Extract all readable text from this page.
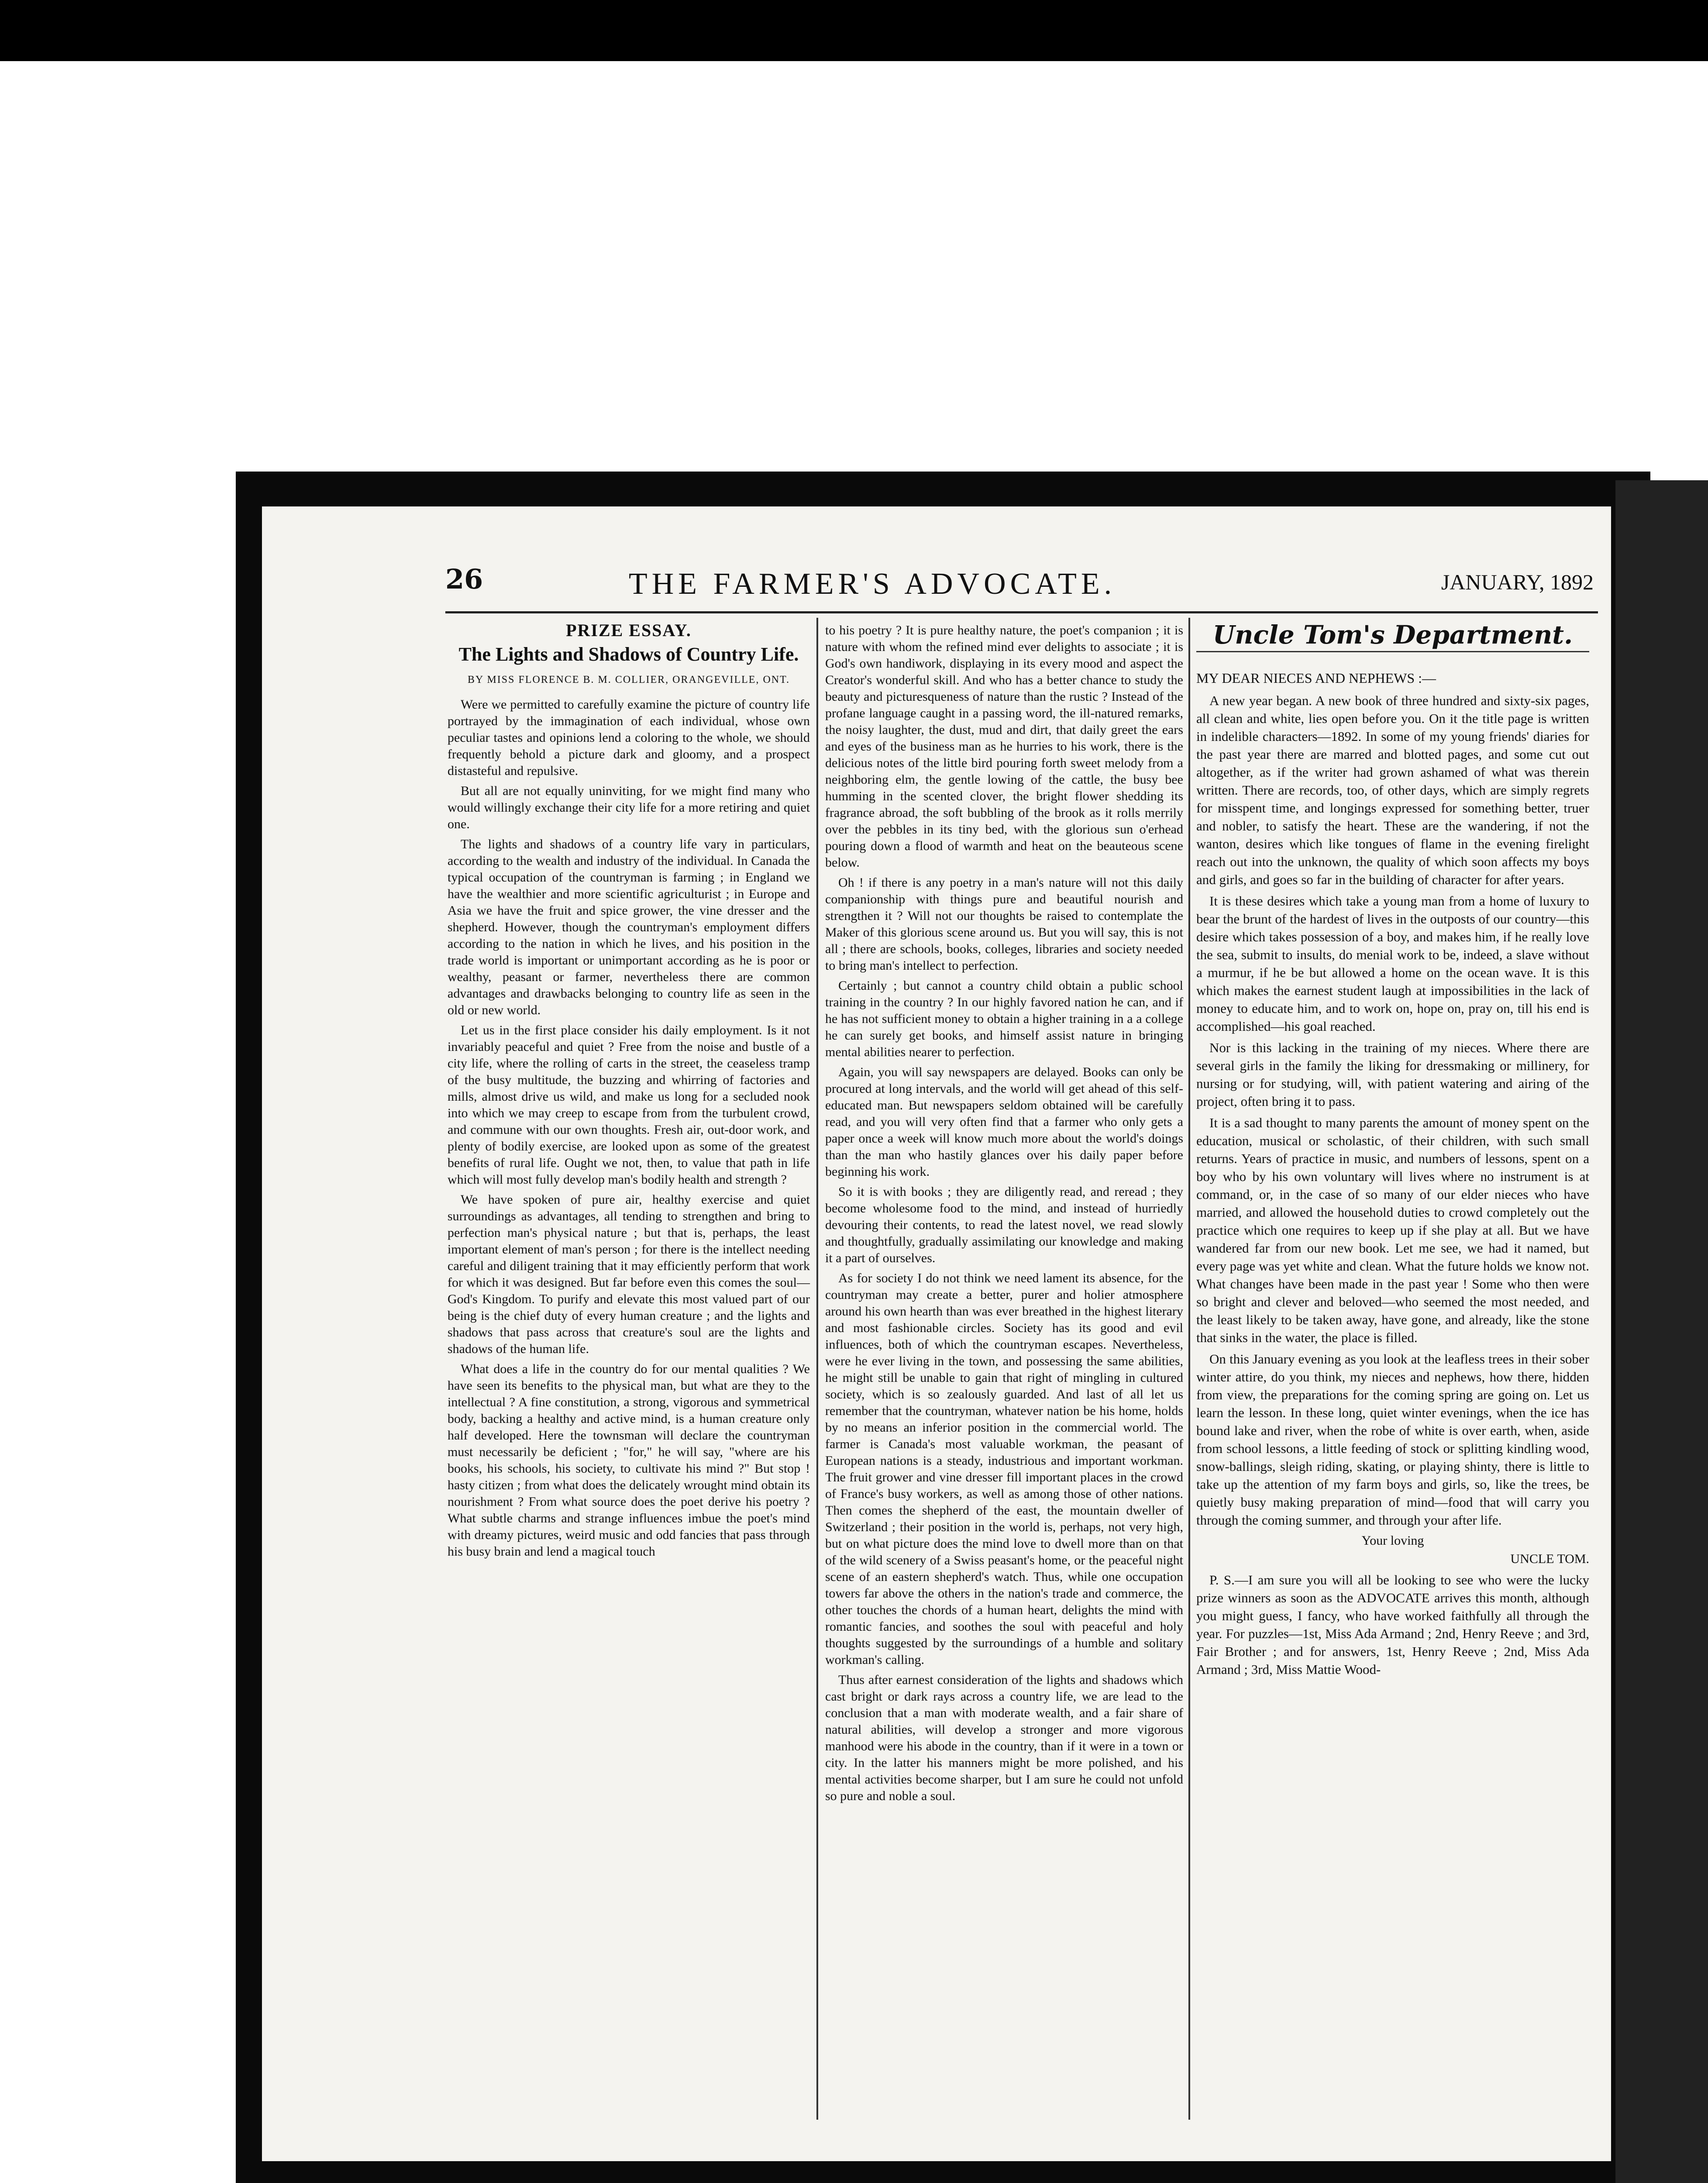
26	THE FARMER'S ADVOCATE.	JANUARY, 1892
PRIZE ESSAY.
The Lights and Shadows of Country Life.
BY MISS FLORENCE B. M. COLLIER, ORANGEVILLE, ONT.

Were we permitted to carefully examine the picture of country life portrayed by the immagination of each individual, whose own peculiar tastes and opinions lend a coloring to the whole, we should frequently behold a picture dark and gloomy, and a prospect distasteful and repulsive.

But all are not equally uninviting, for we might find many who would willingly exchange their city life for a more retiring and quiet one.

The lights and shadows of a country life vary in particulars, according to the wealth and industry of the individual. In Canada the typical occupation of the countryman is farming ; in England we have the wealthier and more scientific agriculturist ; in Europe and Asia we have the fruit and spice grower, the vine dresser and the shepherd. However, though the countryman's employment differs according to the nation in which he lives, and his position in the trade world is important or unimportant according as he is poor or wealthy, peasant or farmer, nevertheless there are common advantages and drawbacks belonging to country life as seen in the old or new world.

Let us in the first place consider his daily employment. Is it not invariably peaceful and quiet ? Free from the noise and bustle of a city life, where the rolling of carts in the street, the ceaseless tramp of the busy multitude, the buzzing and whirring of factories and mills, almost drive us wild, and make us long for a secluded nook into which we may creep to escape from from the turbulent crowd, and commune with our own thoughts. Fresh air, out-door work, and plenty of bodily exercise, are looked upon as some of the greatest benefits of rural life. Ought we not, then, to value that path in life which will most fully develop man's bodily health and strength ?

We have spoken of pure air, healthy exercise and quiet surroundings as advantages, all tending to strengthen and bring to perfection man's physical nature ; but that is, perhaps, the least important element of man's person ; for there is the intellect needing careful and diligent training that it may efficiently perform that work for which it was designed. But far before even this comes the soul—God's Kingdom. To purify and elevate this most valued part of our being is the chief duty of every human creature ; and the lights and shadows that pass across that creature's soul are the lights and shadows of the human life.

What does a life in the country do for our mental qualities ? We have seen its benefits to the physical man, but what are they to the intellectual ? A fine constitution, a strong, vigorous and symmetrical body, backing a healthy and active mind, is a human creature only half developed. Here the townsman will declare the countryman must necessarily be deficient ; "for," he will say, "where are his books, his schools, his society, to cultivate his mind ?" But stop ! hasty citizen ; from what does the delicately wrought mind obtain its nourishment ? From what source does the poet derive his poetry ? What subtle charms and strange influences imbue the poet's mind with dreamy pictures, weird music and odd fancies that pass through his busy brain and lend a magical touch

to his poetry ? It is pure healthy nature, the poet's companion ; it is nature with whom the refined mind ever delights to associate ; it is God's own handiwork, displaying in its every mood and aspect the Creator's wonderful skill. And who has a better chance to study the beauty and picturesqueness of nature than the rustic ? Instead of the profane language caught in a passing word, the ill-natured remarks, the noisy laughter, the dust, mud and dirt, that daily greet the ears and eyes of the business man as he hurries to his work, there is the delicious notes of the little bird pouring forth sweet melody from a neighboring elm, the gentle lowing of the cattle, the busy bee humming in the scented clover, the bright flower shedding its fragrance abroad, the soft bubbling of the brook as it rolls merrily over the pebbles in its tiny bed, with the glorious sun o'erhead pouring down a flood of warmth and heat on the beauteous scene below.

Oh ! if there is any poetry in a man's nature will not this daily companionship with things pure and beautiful nourish and strengthen it ? Will not our thoughts be raised to contemplate the Maker of this glorious scene around us. But you will say, this is not all ; there are schools, books, colleges, libraries and society needed to bring man's intellect to perfection.

Certainly ; but cannot a country child obtain a public school training in the country ? In our highly favored nation he can, and if he has not sufficient money to obtain a higher training in a a college he can surely get books, and himself assist nature in bringing mental abilities nearer to perfection.

Again, you will say newspapers are delayed. Books can only be procured at long intervals, and the world will get ahead of this self-educated man. But newspapers seldom obtained will be carefully read, and you will very often find that a farmer who only gets a paper once a week will know much more about the world's doings than the man who hastily glances over his daily paper before beginning his work.

So it is with books ; they are diligently read, and reread ; they become wholesome food to the mind, and instead of hurriedly devouring their contents, to read the latest novel, we read slowly and thoughtfully, gradually assimilating our knowledge and making it a part of ourselves.

As for society I do not think we need lament its absence, for the countryman may create a better, purer and holier atmosphere around his own hearth than was ever breathed in the highest literary and most fashionable circles. Society has its good and evil influences, both of which the countryman escapes. Nevertheless, were he ever living in the town, and possessing the same abilities, he might still be unable to gain that right of mingling in cultured society, which is so zealously guarded. And last of all let us remember that the countryman, whatever nation be his home, holds by no means an inferior position in the commercial world. The farmer is Canada's most valuable workman, the peasant of European nations is a steady, industrious and important workman. The fruit grower and vine dresser fill important places in the crowd of France's busy workers, as well as among those of other nations. Then comes the shepherd of the east, the mountain dweller of Switzerland ; their position in the world is, perhaps, not very high, but on what picture does the mind love to dwell more than on that of the wild scenery of a Swiss peasant's home, or the peaceful night scene of an eastern shepherd's watch. Thus, while one occupation towers far above the others in the nation's trade and commerce, the other touches the chords of a human heart, delights the mind with romantic fancies, and soothes the soul with peaceful and holy thoughts suggested by the surroundings of a humble and solitary workman's calling.

Thus after earnest consideration of the lights and shadows which cast bright or dark rays across a country life, we are lead to the conclusion that a man with moderate wealth, and a fair share of natural abilities, will develop a stronger and more vigorous manhood were his abode in the country, than if it were in a town or city. In the latter his manners might be more polished, and his mental activities become sharper, but I am sure he could not unfold so pure and noble a soul.

Uncle Tom's Department.
MY DEAR NIECES AND NEPHEWS :—

A new year began. A new book of three hundred and sixty-six pages, all clean and white, lies open before you. On it the title page is written in indelible characters—1892. In some of my young friends' diaries for the past year there are marred and blotted pages, and some cut out altogether, as if the writer had grown ashamed of what was therein written. There are records, too, of other days, which are simply regrets for misspent time, and longings expressed for something better, truer and nobler, to satisfy the heart. These are the wandering, if not the wanton, desires which like tongues of flame in the evening firelight reach out into the unknown, the quality of which soon affects my boys and girls, and goes so far in the building of character for after years.

It is these desires which take a young man from a home of luxury to bear the brunt of the hardest of lives in the outposts of our country—this desire which takes possession of a boy, and makes him, if he really love the sea, submit to insults, do menial work to be, indeed, a slave without a murmur, if he be but allowed a home on the ocean wave. It is this which makes the earnest student laugh at impossibilities in the lack of money to educate him, and to work on, hope on, pray on, till his end is accomplished—his goal reached.

Nor is this lacking in the training of my nieces. Where there are several girls in the family the liking for dressmaking or millinery, for nursing or for studying, will, with patient watering and airing of the project, often bring it to pass.

It is a sad thought to many parents the amount of money spent on the education, musical or scholastic, of their children, with such small returns. Years of practice in music, and numbers of lessons, spent on a boy who by his own voluntary will lives where no instrument is at command, or, in the case of so many of our elder nieces who have married, and allowed the household duties to crowd completely out the practice which one requires to keep up if she play at all. But we have wandered far from our new book. Let me see, we had it named, but every page was yet white and clean. What the future holds we know not. What changes have been made in the past year ! Some who then were so bright and clever and beloved—who seemed the most needed, and the least likely to be taken away, have gone, and already, like the stone that sinks in the water, the place is filled.

On this January evening as you look at the leafless trees in their sober winter attire, do you think, my nieces and nephews, how there, hidden from view, the preparations for the coming spring are going on. Let us learn the lesson. In these long, quiet winter evenings, when the ice has bound lake and river, when the robe of white is over earth, when, aside from school lessons, a little feeding of stock or splitting kindling wood, snow-ballings, sleigh riding, skating, or playing shinty, there is little to take up the attention of my farm boys and girls, so, like the trees, be quietly busy making preparation of mind—food that will carry you through the coming summer, and through your after life.

Your loving
UNCLE TOM.

P. S.—I am sure you will all be looking to see who were the lucky prize winners as soon as the ADVOCATE arrives this month, although you might guess, I fancy, who have worked faithfully all through the year. For puzzles—1st, Miss Ada Armand ; 2nd, Henry Reeve ; and 3rd, Fair Brother ; and for answers, 1st, Henry Reeve ; 2nd, Miss Ada Armand ; 3rd, Miss Mattie Wood-
